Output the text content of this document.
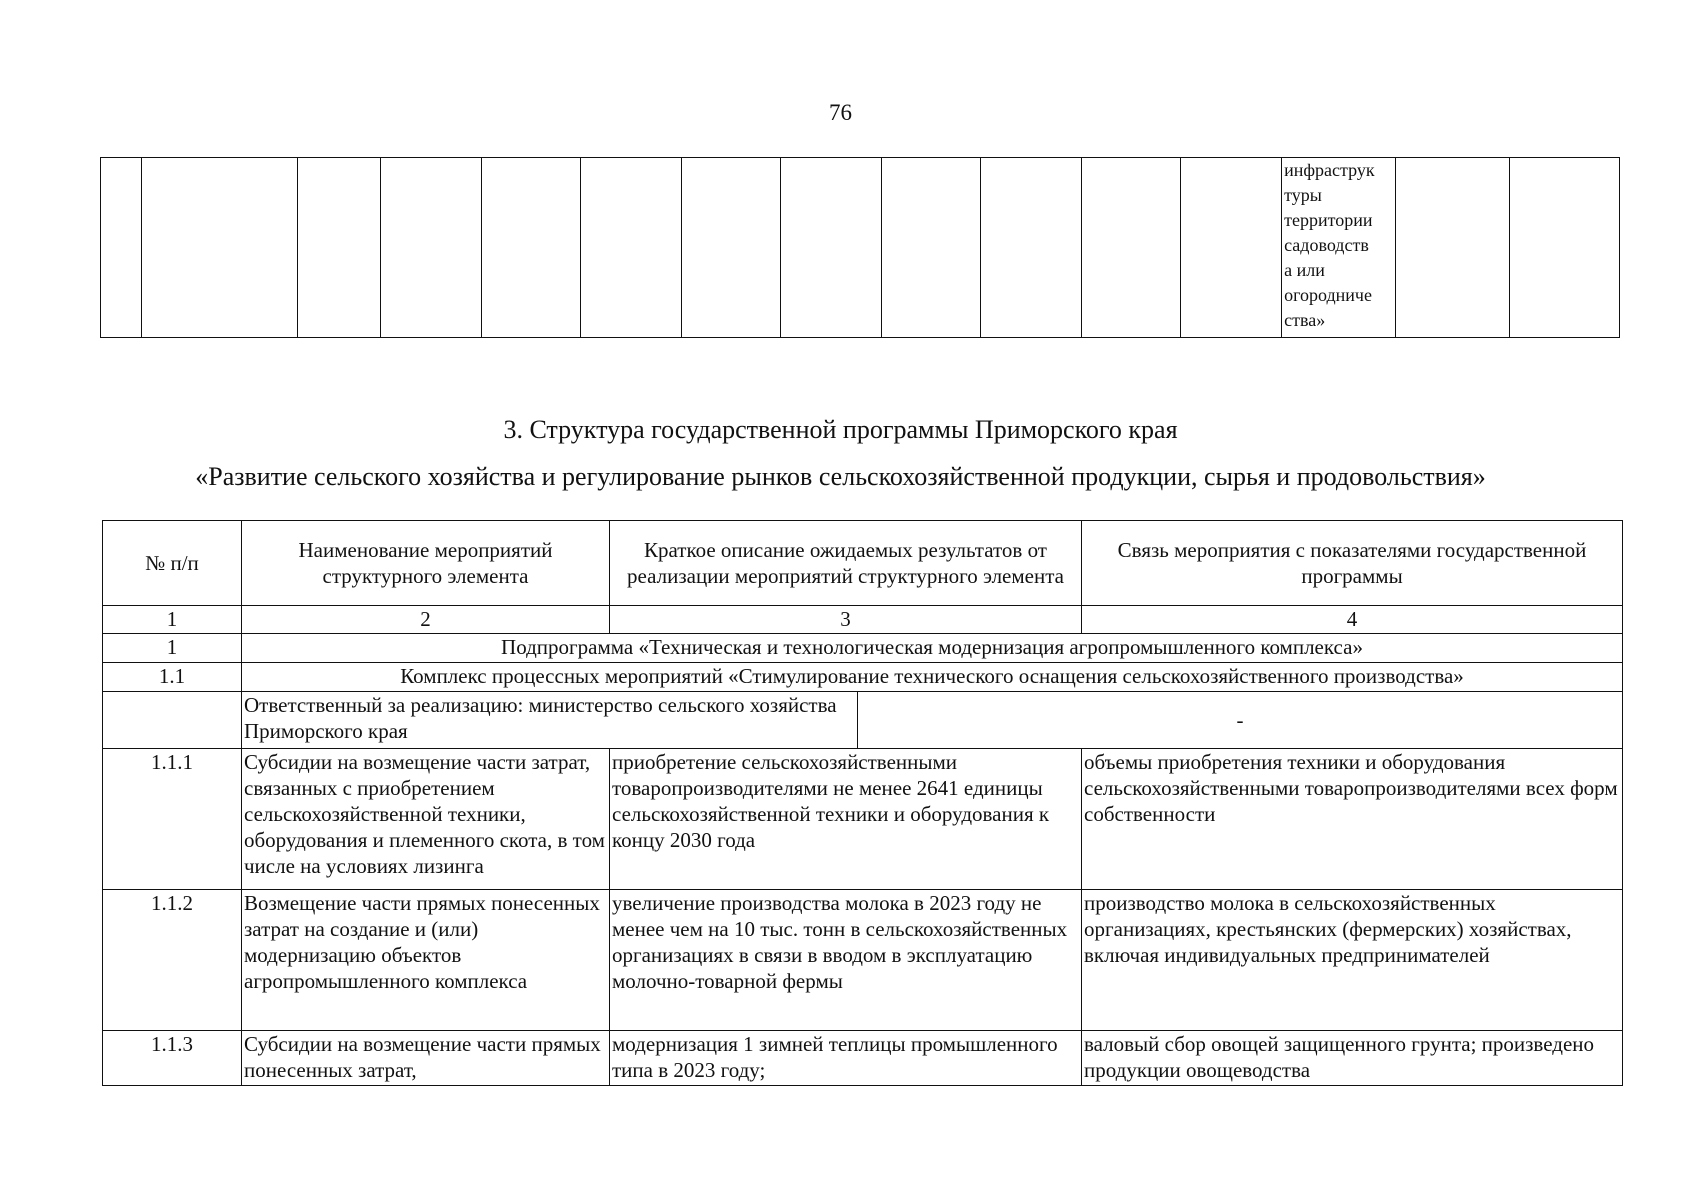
76

инфраструк
туры
территории
садоводств
а или
огородниче
ства»

3. Структура государственной программы Приморского края
«Развитие сельского хозяйства и регулирование рынков сельскохозяйственной продукции, сырья и продовольствия»
№ п/п	Наименование мероприятий структурного элемента	Краткое описание ожидаемых результатов от реализации мероприятий структурного элемента		Связь мероприятия с показателями государственной программы
1	2	3		4
1	Подпрограмма «Техническая и технологическая модернизация агропромышленного комплекса»			
1.1	Комплекс процессных мероприятий «Стимулирование технического оснащения сельскохозяйственного производства»			
	Ответственный за реализацию: министерство сельского хозяйства Приморского края		-	
1.1.1	Субсидии на возмещение части затрат, связанных с приобретением сельскохозяйственной техники, оборудования и племенного скота, в том числе на условиях лизинга	приобретение сельскохозяйственными товаропроизводителями не менее 2641 единицы сельскохозяйственной техники и оборудования к концу 2030 года		объемы приобретения техники и оборудования сельскохозяйственными товаропроизводителями всех форм собственности
1.1.2	Возмещение части прямых понесенных затрат на создание и (или) модернизацию объектов агропромышленного комплекса	увеличение производства молока в 2023 году не менее чем на 10 тыс. тонн в сельскохозяйственных организациях в связи в вводом в эксплуатацию молочно-товарной фермы		производство молока в сельскохозяйственных организациях, крестьянских (фермерских) хозяйствах, включая индивидуальных предпринимателей
1.1.3	Субсидии на возмещение части прямых понесенных затрат,	модернизация 1 зимней теплицы промышленного типа в 2023 году;		валовый сбор овощей защищенного грунта; произведено продукции овощеводства
